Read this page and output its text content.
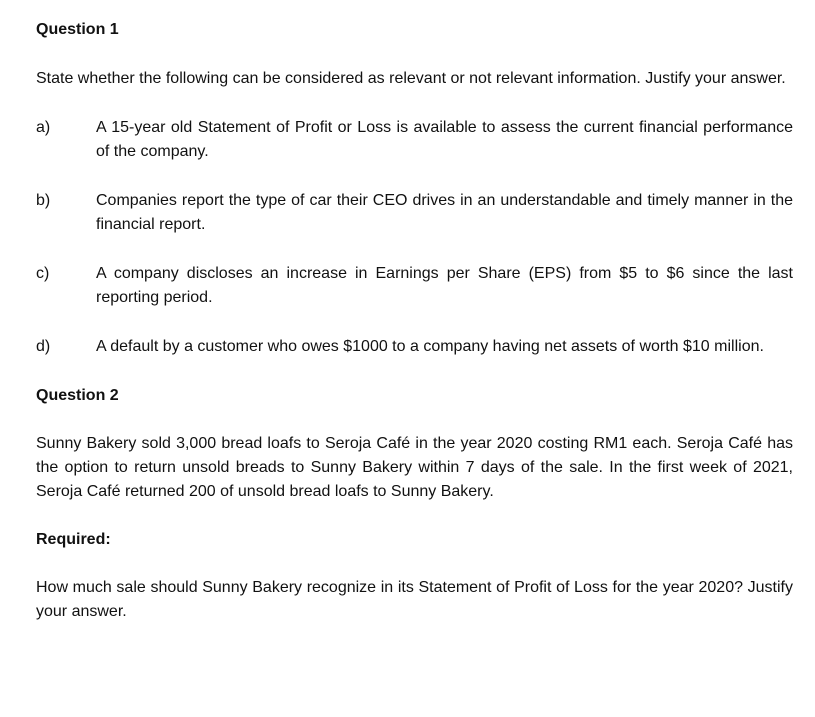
Question 1

State whether the following can be considered as relevant or not relevant information. Justify your answer.

a)	A 15-year old Statement of Profit or Loss is available to assess the current financial performance of the company.
b)	Companies report the type of car their CEO drives in an understandable and timely manner in the financial report.
c)	A company discloses an increase in Earnings per Share (EPS) from $5 to $6 since the last reporting period.
d)	A default by a customer who owes $1000 to a company having net assets of worth $10 million.

Question 2

Sunny Bakery sold 3,000 bread loafs to Seroja Café in the year 2020 costing RM1 each. Seroja Café has the option to return unsold breads to Sunny Bakery within 7 days of the sale. In the first week of 2021, Seroja Café returned 200 of unsold bread loafs to Sunny Bakery.

Required:

How much sale should Sunny Bakery recognize in its Statement of Profit of Loss for the year 2020? Justify your answer.
